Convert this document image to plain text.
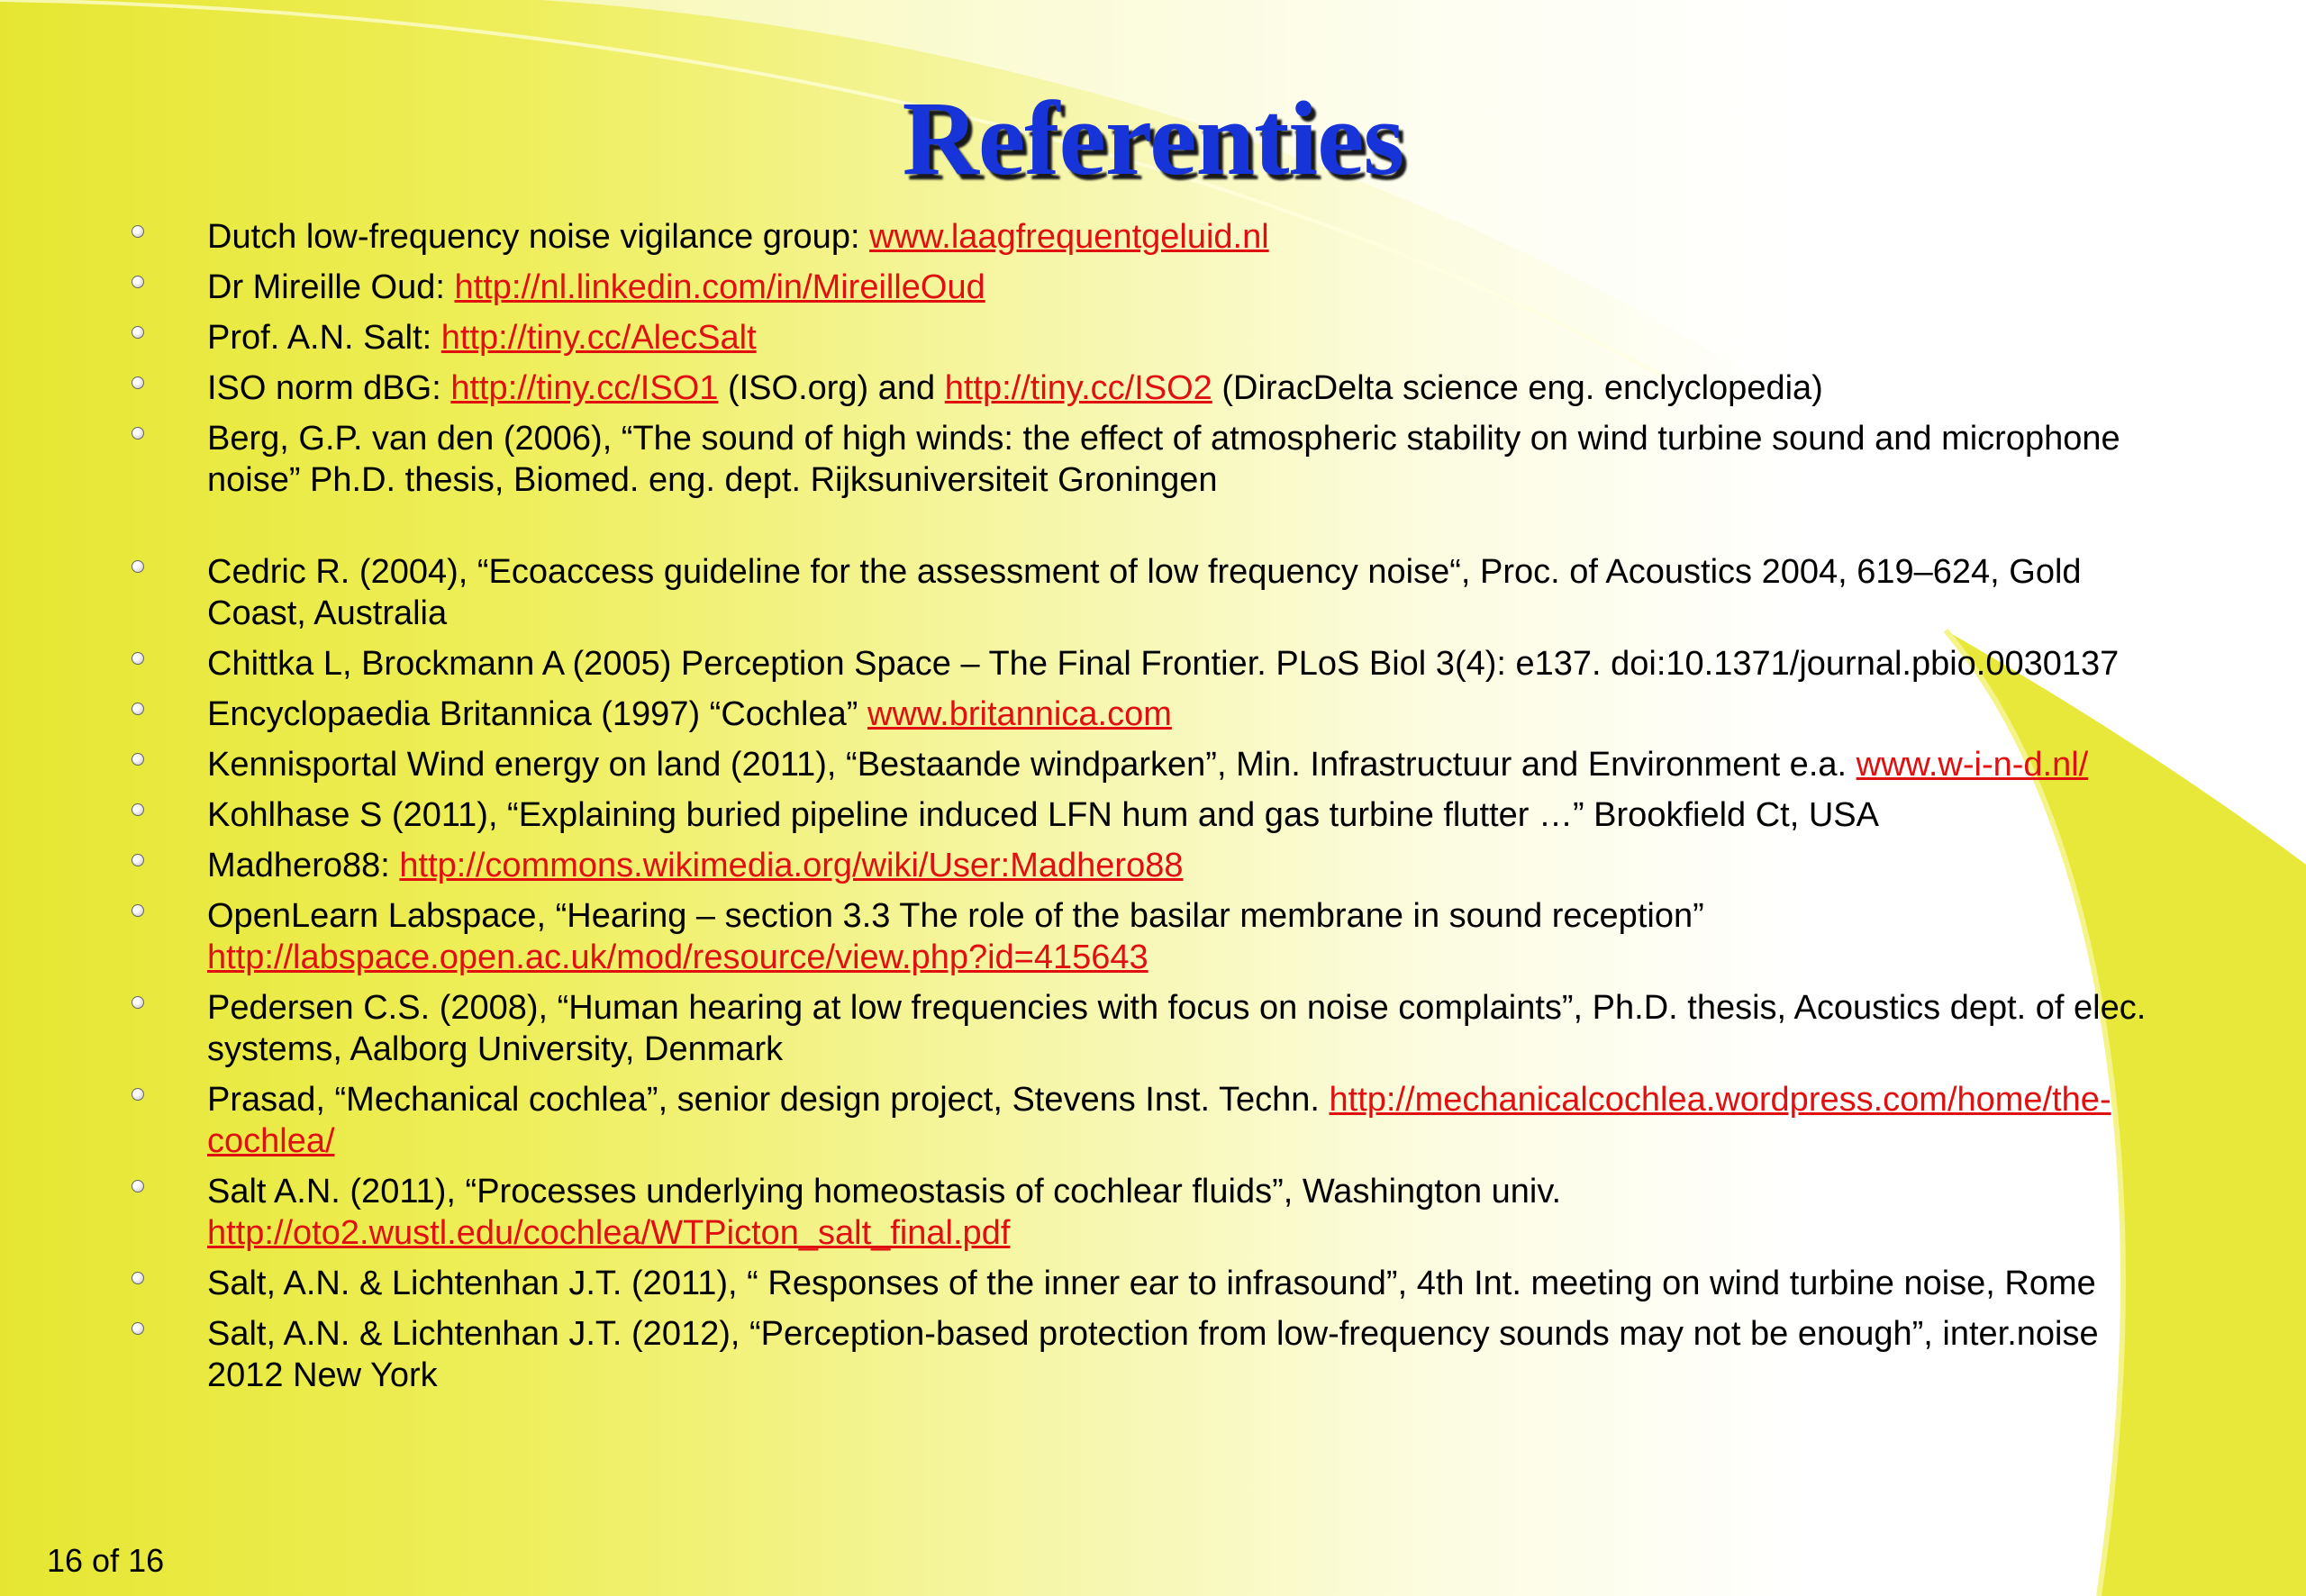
Referenties
Dutch low-frequency noise vigilance group: www.laagfrequentgeluid.nl
Dr Mireille Oud: http://nl.linkedin.com/in/MireilleOud
Prof. A.N. Salt: http://tiny.cc/AlecSalt
ISO norm dBG: http://tiny.cc/ISO1 (ISO.org) and http://tiny.cc/ISO2 (DiracDelta science eng. enclyclopedia)
Berg, G.P. van den (2006), “The sound of high winds: the effect of atmospheric stability on wind turbine sound and microphone noise” Ph.D. thesis, Biomed. eng. dept. Rijksuniversiteit Groningen
Cedric R. (2004), “Ecoaccess guideline for the assessment of low frequency noise“, Proc. of Acoustics 2004, 619–624, Gold Coast, Australia
Chittka L, Brockmann A (2005) Perception Space – The Final Frontier. PLoS Biol 3(4): e137. doi:10.1371/journal.pbio.0030137
Encyclopaedia Britannica (1997) “Cochlea” www.britannica.com
Kennisportal Wind energy on land (2011), “Bestaande windparken”, Min. Infrastructuur and Environment e.a. www.w-i-n-d.nl/
Kohlhase S (2011), “Explaining buried pipeline induced LFN hum and gas turbine flutter …” Brookfield Ct, USA
Madhero88: http://commons.wikimedia.org/wiki/User:Madhero88
OpenLearn Labspace, “Hearing – section 3.3 The role of the basilar membrane in sound reception” http://labspace.open.ac.uk/mod/resource/view.php?id=415643
Pedersen C.S. (2008), “Human hearing at low frequencies with focus on noise complaints”, Ph.D. thesis, Acoustics dept. of elec. systems, Aalborg University, Denmark
Prasad, “Mechanical cochlea”, senior design project, Stevens Inst. Techn. http://mechanicalcochlea.wordpress.com/home/the-cochlea/
Salt A.N. (2011), “Processes underlying homeostasis of cochlear fluids”, Washington univ. http://oto2.wustl.edu/cochlea/WTPicton_salt_final.pdf
Salt, A.N. & Lichtenhan J.T. (2011), “ Responses of the inner ear to infrasound”, 4th Int. meeting on wind turbine noise, Rome
Salt, A.N. & Lichtenhan J.T. (2012), “Perception-based protection from low-frequency sounds may not be enough”, inter.noise 2012 New York
16 of 16
